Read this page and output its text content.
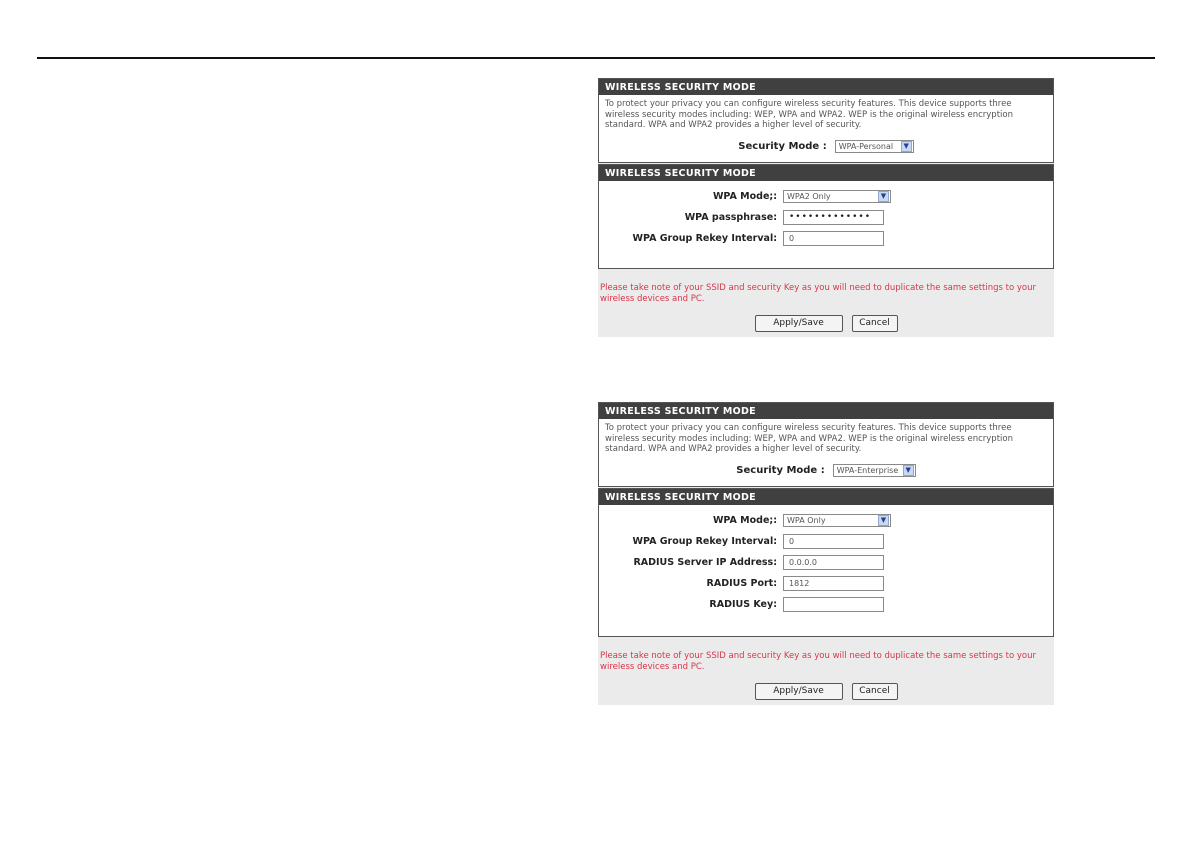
WIRELESS SECURITY MODE
To protect your privacy you can configure wireless security features. This device supports three wireless security modes including: WEP, WPA and WPA2. WEP is the original wireless encryption standard. WPA and WPA2 provides a higher level of security.
Security Mode : WPA-Personal	▼
WIRELESS SECURITY MODE
WPA Mode;: WPA2 Only	▼
WPA passphrase:	•••••••••••••
WPA Group Rekey Interval:	0
Please take note of your SSID and security Key as you will need to duplicate the same settings to your wireless devices and PC.
Apply/Save	Cancel
WIRELESS SECURITY MODE
To protect your privacy you can configure wireless security features. This device supports three wireless security modes including: WEP, WPA and WPA2. WEP is the original wireless encryption standard. WPA and WPA2 provides a higher level of security.
Security Mode : WPA-Enterprise	▼
WIRELESS SECURITY MODE
WPA Mode;: WPA Only	▼
WPA Group Rekey Interval:	0
RADIUS Server IP Address:	0.0.0.0
RADIUS Port:	1812
RADIUS Key:
Please take note of your SSID and security Key as you will need to duplicate the same settings to your wireless devices and PC.
Apply/Save	Cancel
